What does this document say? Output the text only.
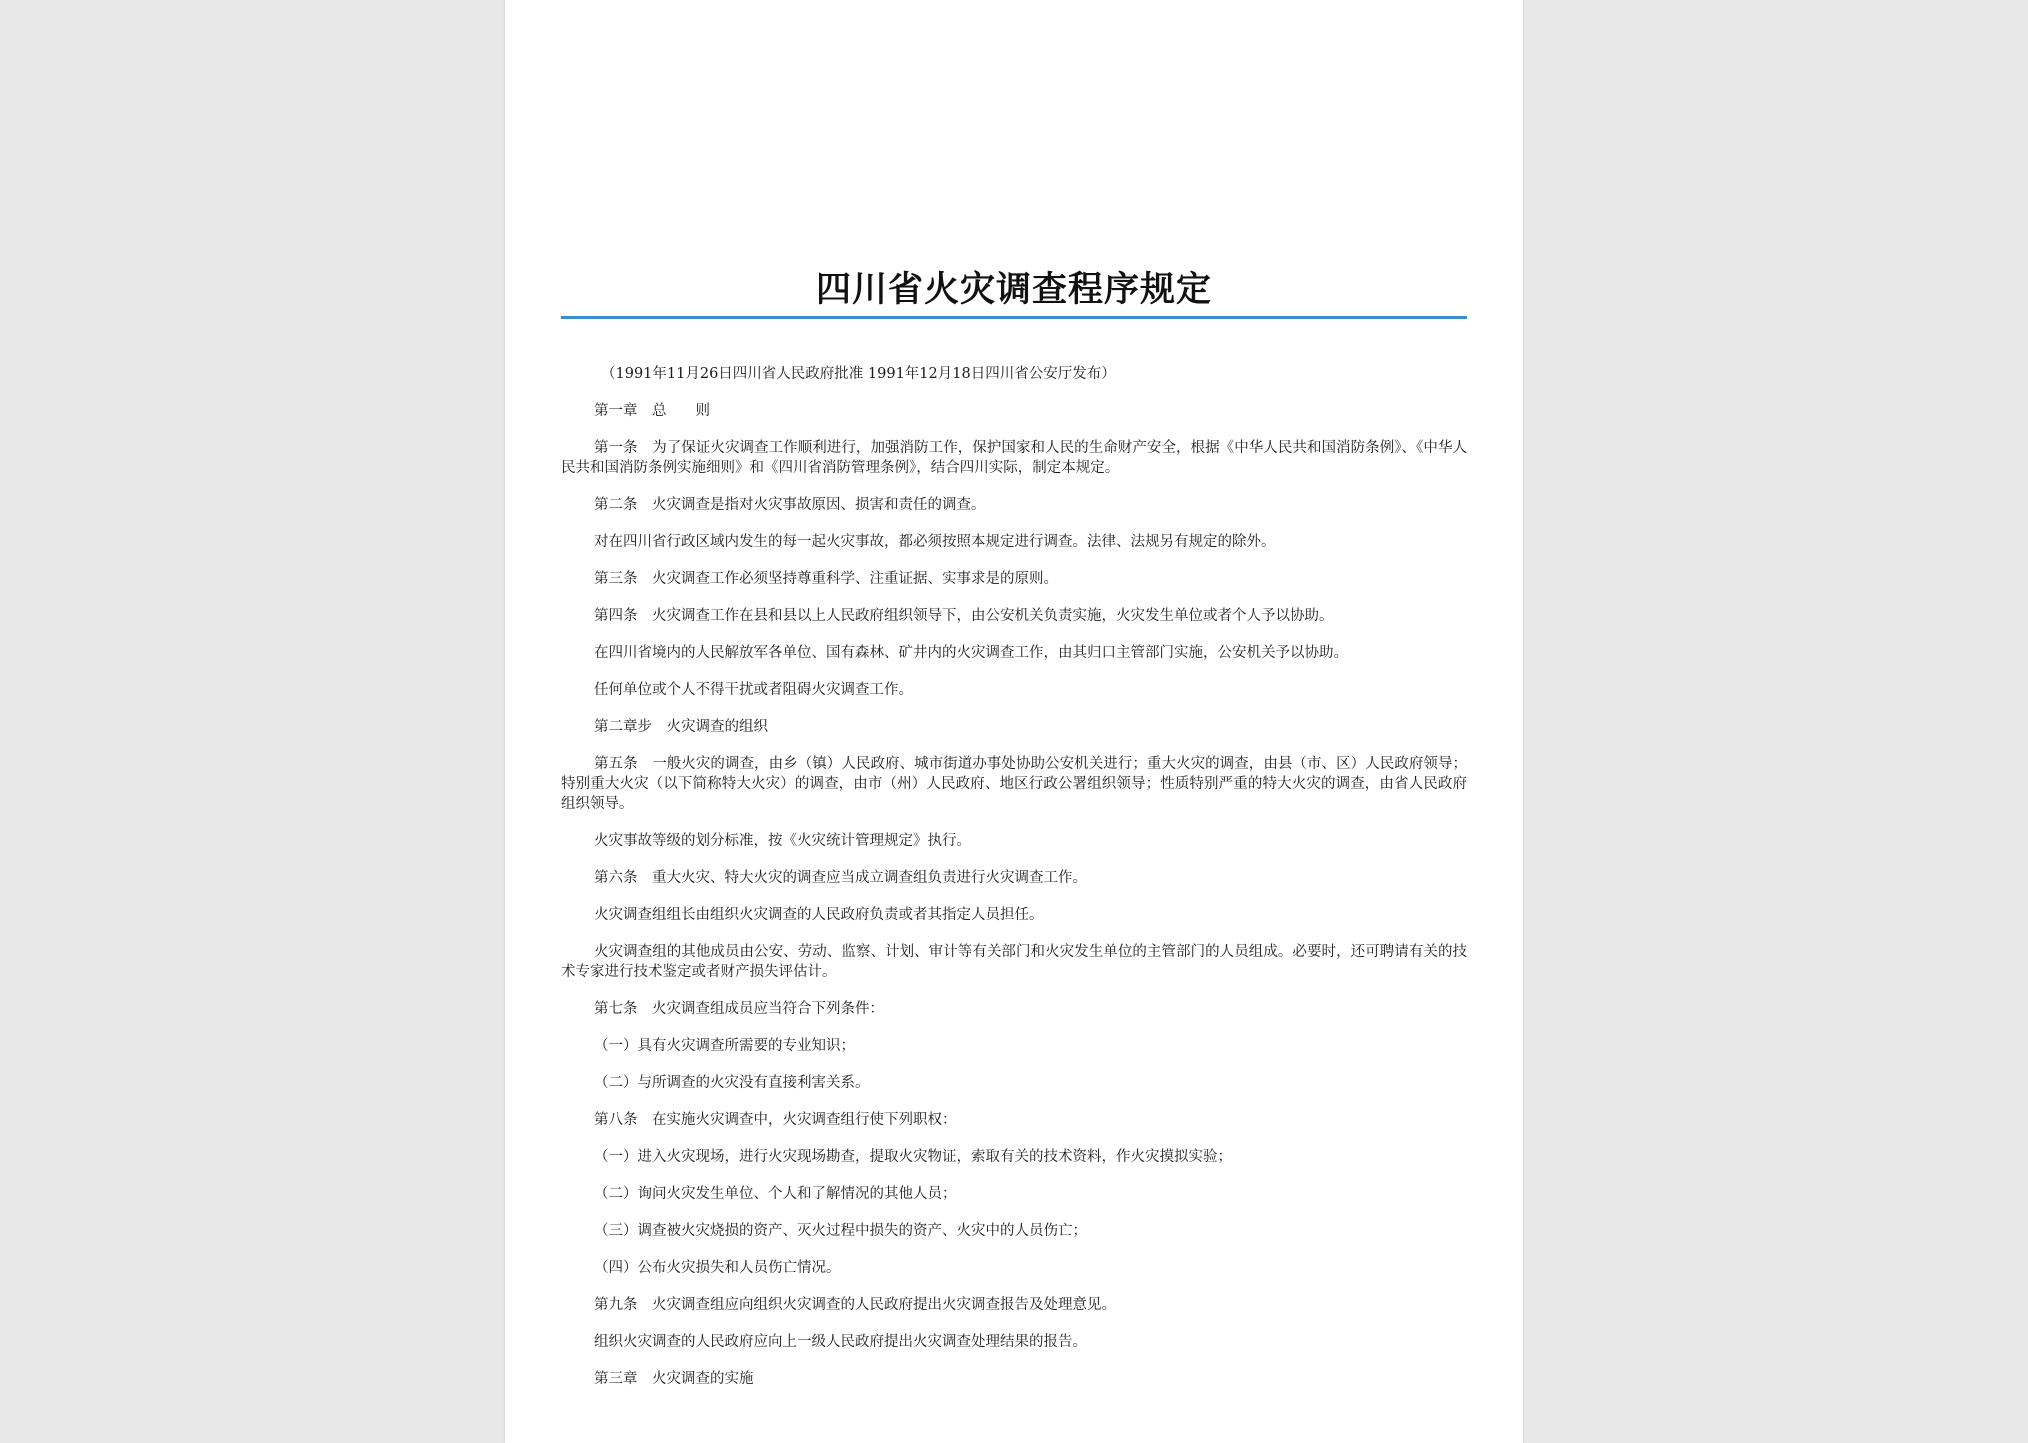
四川省火灾调查程序规定

（1991年11月26日四川省人民政府批准 1991年12月18日四川省公安厅发布）

第一章　总　　则

第一条　为了保证火灾调查工作顺利进行，加强消防工作，保护国家和人民的生命财产安全，根据《中华人民共和国消防条例》、《中华人民共和国消防条例实施细则》和《四川省消防管理条例》，结合四川实际，制定本规定。

第二条　火灾调查是指对火灾事故原因、损害和责任的调查。

对在四川省行政区域内发生的每一起火灾事故，都必须按照本规定进行调查。法律、法规另有规定的除外。

第三条　火灾调查工作必须坚持尊重科学、注重证据、实事求是的原则。

第四条　火灾调查工作在县和县以上人民政府组织领导下，由公安机关负责实施，火灾发生单位或者个人予以协助。

在四川省境内的人民解放军各单位、国有森林、矿井内的火灾调查工作，由其归口主管部门实施，公安机关予以协助。

任何单位或个人不得干扰或者阻碍火灾调查工作。

第二章步　火灾调查的组织

第五条　一般火灾的调查，由乡（镇）人民政府、城市街道办事处协助公安机关进行；重大火灾的调查，由县（市、区）人民政府领导；特别重大火灾（以下简称特大火灾）的调查，由市（州）人民政府、地区行政公署组织领导；性质特别严重的特大火灾的调查，由省人民政府组织领导。

火灾事故等级的划分标准，按《火灾统计管理规定》执行。

第六条　重大火灾、特大火灾的调查应当成立调查组负责进行火灾调查工作。

火灾调查组组长由组织火灾调查的人民政府负责或者其指定人员担任。

火灾调查组的其他成员由公安、劳动、监察、计划、审计等有关部门和火灾发生单位的主管部门的人员组成。必要时，还可聘请有关的技术专家进行技术鉴定或者财产损失评估计。

第七条　火灾调查组成员应当符合下列条件：

（一）具有火灾调查所需要的专业知识；

（二）与所调查的火灾没有直接利害关系。

第八条　在实施火灾调查中，火灾调查组行使下列职权：

（一）进入火灾现场，进行火灾现场勘查，提取火灾物证，索取有关的技术资料，作火灾摸拟实验；

（二）询问火灾发生单位、个人和了解情况的其他人员；

（三）调查被火灾烧损的资产、灭火过程中损失的资产、火灾中的人员伤亡；

（四）公布火灾损失和人员伤亡情况。

第九条　火灾调查组应向组织火灾调查的人民政府提出火灾调查报告及处理意见。

组织火灾调查的人民政府应向上一级人民政府提出火灾调查处理结果的报告。

第三章　火灾调查的实施
